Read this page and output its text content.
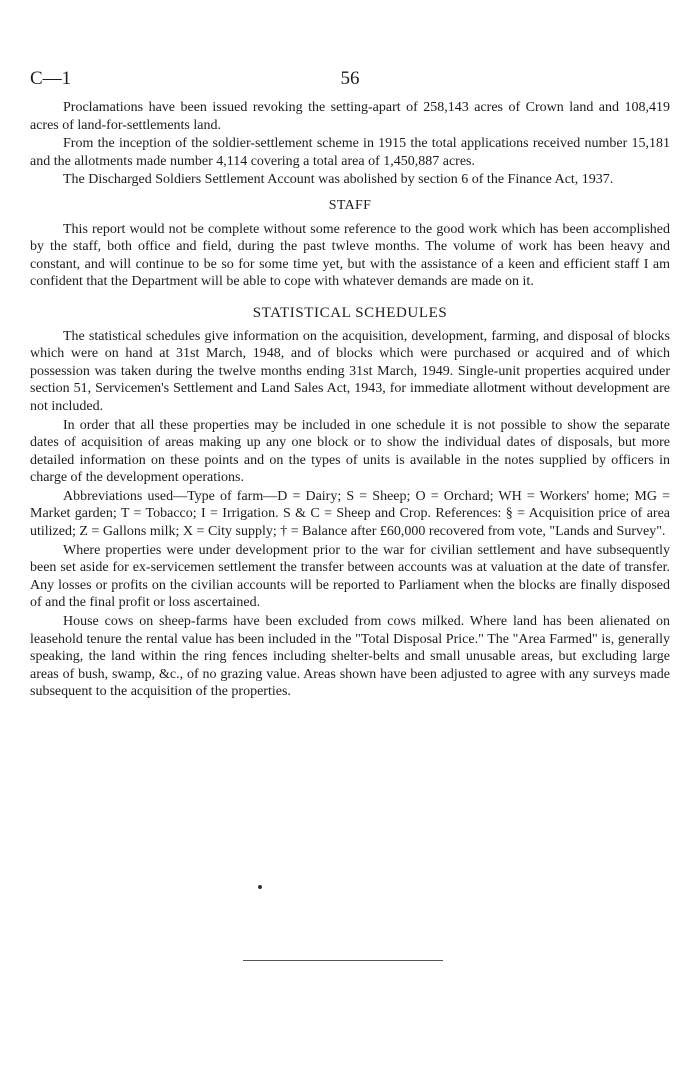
C—1	56

Proclamations have been issued revoking the setting-apart of 258,143 acres of Crown land and 108,419 acres of land-for-settlements land.

From the inception of the soldier-settlement scheme in 1915 the total applications received number 15,181 and the allotments made number 4,114 covering a total area of 1,450,887 acres.

The Discharged Soldiers Settlement Account was abolished by section 6 of the Finance Act, 1937.

STAFF

This report would not be complete without some reference to the good work which has been accomplished by the staff, both office and field, during the past twleve months. The volume of work has been heavy and constant, and will continue to be so for some time yet, but with the assistance of a keen and efficient staff I am confident that the Department will be able to cope with whatever demands are made on it.

STATISTICAL SCHEDULES

The statistical schedules give information on the acquisition, development, farming, and disposal of blocks which were on hand at 31st March, 1948, and of blocks which were purchased or acquired and of which possession was taken during the twelve months ending 31st March, 1949. Single-unit properties acquired under section 51, Servicemen's Settlement and Land Sales Act, 1943, for immediate allotment without development are not included.

In order that all these properties may be included in one schedule it is not possible to show the separate dates of acquisition of areas making up any one block or to show the individual dates of disposals, but more detailed information on these points and on the types of units is available in the notes supplied by officers in charge of the development operations.

Abbreviations used—Type of farm—D = Dairy; S = Sheep; O = Orchard; WH = Workers' home; MG = Market garden; T = Tobacco; I = Irrigation. S & C = Sheep and Crop. References: § = Acquisition price of area utilized; Z = Gallons milk; X = City supply; † = Balance after £60,000 recovered from vote, "Lands and Survey".

Where properties were under development prior to the war for civilian settlement and have subsequently been set aside for ex-servicemen settlement the transfer between accounts was at valuation at the date of transfer. Any losses or profits on the civilian accounts will be reported to Parliament when the blocks are finally disposed of and the final profit or loss ascertained.

House cows on sheep-farms have been excluded from cows milked. Where land has been alienated on leasehold tenure the rental value has been included in the "Total Disposal Price." The "Area Farmed" is, generally speaking, the land within the ring fences including shelter-belts and small unusable areas, but excluding large areas of bush, swamp, &c., of no grazing value. Areas shown have been adjusted to agree with any surveys made subsequent to the acquisition of the properties.
